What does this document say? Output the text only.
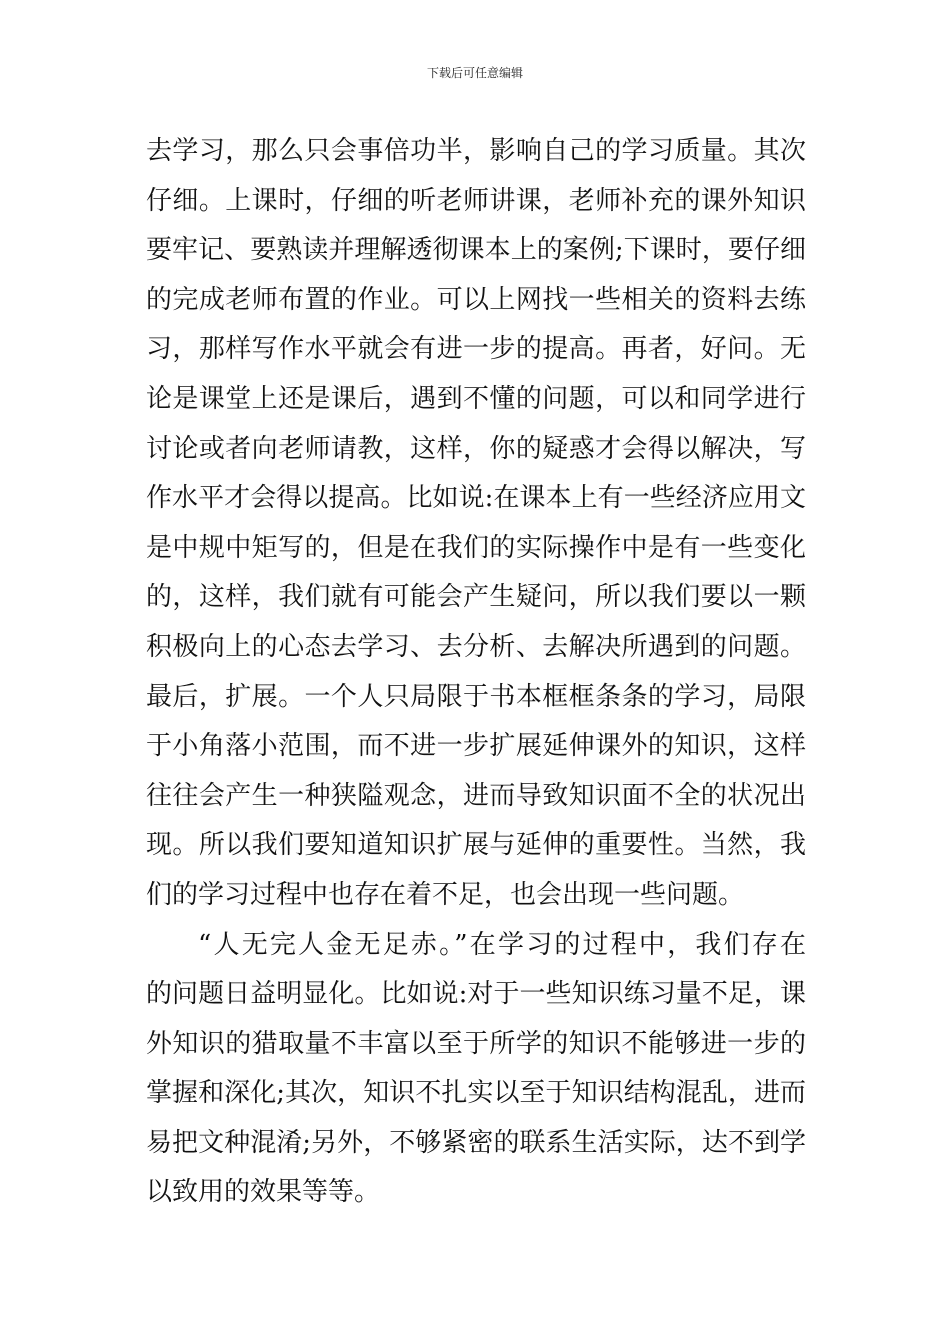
下载后可任意编辑
去学习，那么只会事倍功半，影响自己的学习质量。其次
仔细。上课时，仔细的听老师讲课，老师补充的课外知识
要牢记、要熟读并理解透彻课本上的案例;下课时，要仔细
的完成老师布置的作业。可以上网找一些相关的资料去练
习，那样写作水平就会有进一步的提高。再者，好问。无
论是课堂上还是课后，遇到不懂的问题，可以和同学进行
讨论或者向老师请教，这样，你的疑惑才会得以解决，写
作水平才会得以提高。比如说:在课本上有一些经济应用文
是中规中矩写的，但是在我们的实际操作中是有一些变化
的，这样，我们就有可能会产生疑问，所以我们要以一颗
积极向上的心态去学习、去分析、去解决所遇到的问题。
最后，扩展。一个人只局限于书本框框条条的学习，局限
于小角落小范围，而不进一步扩展延伸课外的知识，这样
往往会产生一种狭隘观念，进而导致知识面不全的状况出
现。所以我们要知道知识扩展与延伸的重要性。当然，我
们的学习过程中也存在着不足，也会出现一些问题。
“人无完人金无足赤。”在学习的过程中，我们存在
的问题日益明显化。比如说:对于一些知识练习量不足，课
外知识的猎取量不丰富以至于所学的知识不能够进一步的
掌握和深化;其次，知识不扎实以至于知识结构混乱，进而
易把文种混淆;另外，不够紧密的联系生活实际，达不到学
以致用的效果等等。
